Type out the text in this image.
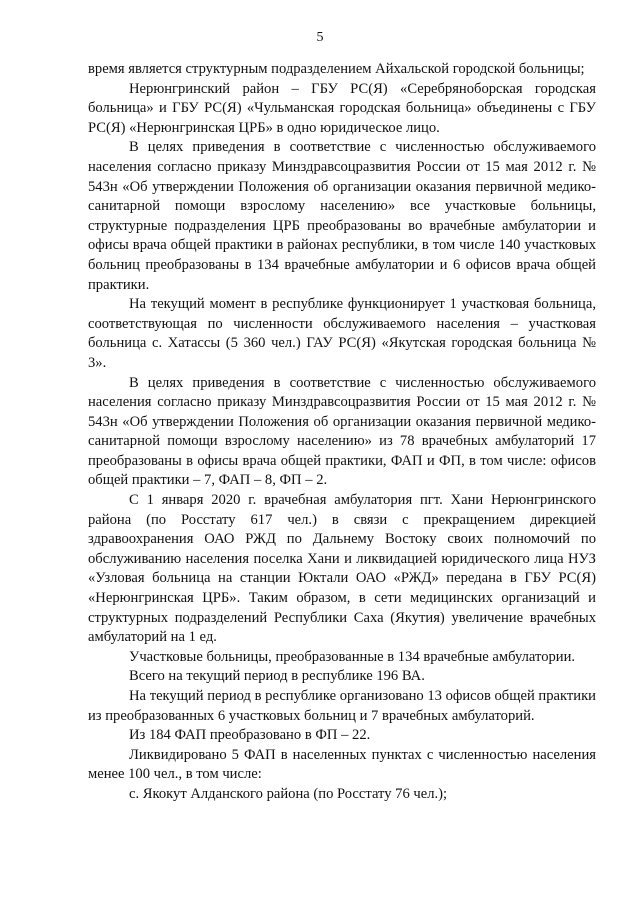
5

время является структурным подразделением Айхальской городской больницы;

Нерюнгринский район – ГБУ РС(Я) «Серебряноборская городская больница» и ГБУ РС(Я) «Чульманская городская больница» объединены с ГБУ РС(Я) «Нерюнгринская ЦРБ» в одно юридическое лицо.

В целях приведения в соответствие с численностью обслуживаемого населения согласно приказу Минздравсоцразвития России от 15 мая 2012 г. № 543н «Об утверждении Положения об организации оказания первичной медико-санитарной помощи взрослому населению» все участковые больницы, структурные подразделения ЦРБ преобразованы во врачебные амбулатории и офисы врача общей практики в районах республики, в том числе 140 участковых больниц преобразованы в 134 врачебные амбулатории и 6 офисов врача общей практики.

На текущий момент в республике функционирует 1 участковая больница, соответствующая по численности обслуживаемого населения – участковая больница с. Хатассы (5 360 чел.) ГАУ РС(Я) «Якутская городская больница № 3».

В целях приведения в соответствие с численностью обслуживаемого населения согласно приказу Минздравсоцразвития России от 15 мая 2012 г. № 543н «Об утверждении Положения об организации оказания первичной медико-санитарной помощи взрослому населению» из 78 врачебных амбулаторий 17 преобразованы в офисы врача общей практики, ФАП и ФП, в том числе: офисов общей практики – 7, ФАП – 8, ФП – 2.

С 1 января 2020 г. врачебная амбулатория пгт. Хани Нерюнгринского района (по Росстату 617 чел.) в связи с прекращением дирекцией здравоохранения ОАО РЖД по Дальнему Востоку своих полномочий по обслуживанию населения поселка Хани и ликвидацией юридического лица НУЗ «Узловая больница на станции Юктали ОАО «РЖД» передана в ГБУ РС(Я) «Нерюнгринская ЦРБ». Таким образом, в сети медицинских организаций и структурных подразделений Республики Саха (Якутия) увеличение врачебных амбулаторий на 1 ед.

Участковые больницы, преобразованные в 134 врачебные амбулатории.

Всего на текущий период в республике 196 ВА.

На текущий период в республике организовано 13 офисов общей практики из преобразованных 6 участковых больниц и 7 врачебных амбулаторий.

Из 184 ФАП преобразовано в ФП – 22.

Ликвидировано 5 ФАП в населенных пунктах с численностью населения менее 100 чел., в том числе:

с. Якокут Алданского района (по Росстату 76 чел.);
